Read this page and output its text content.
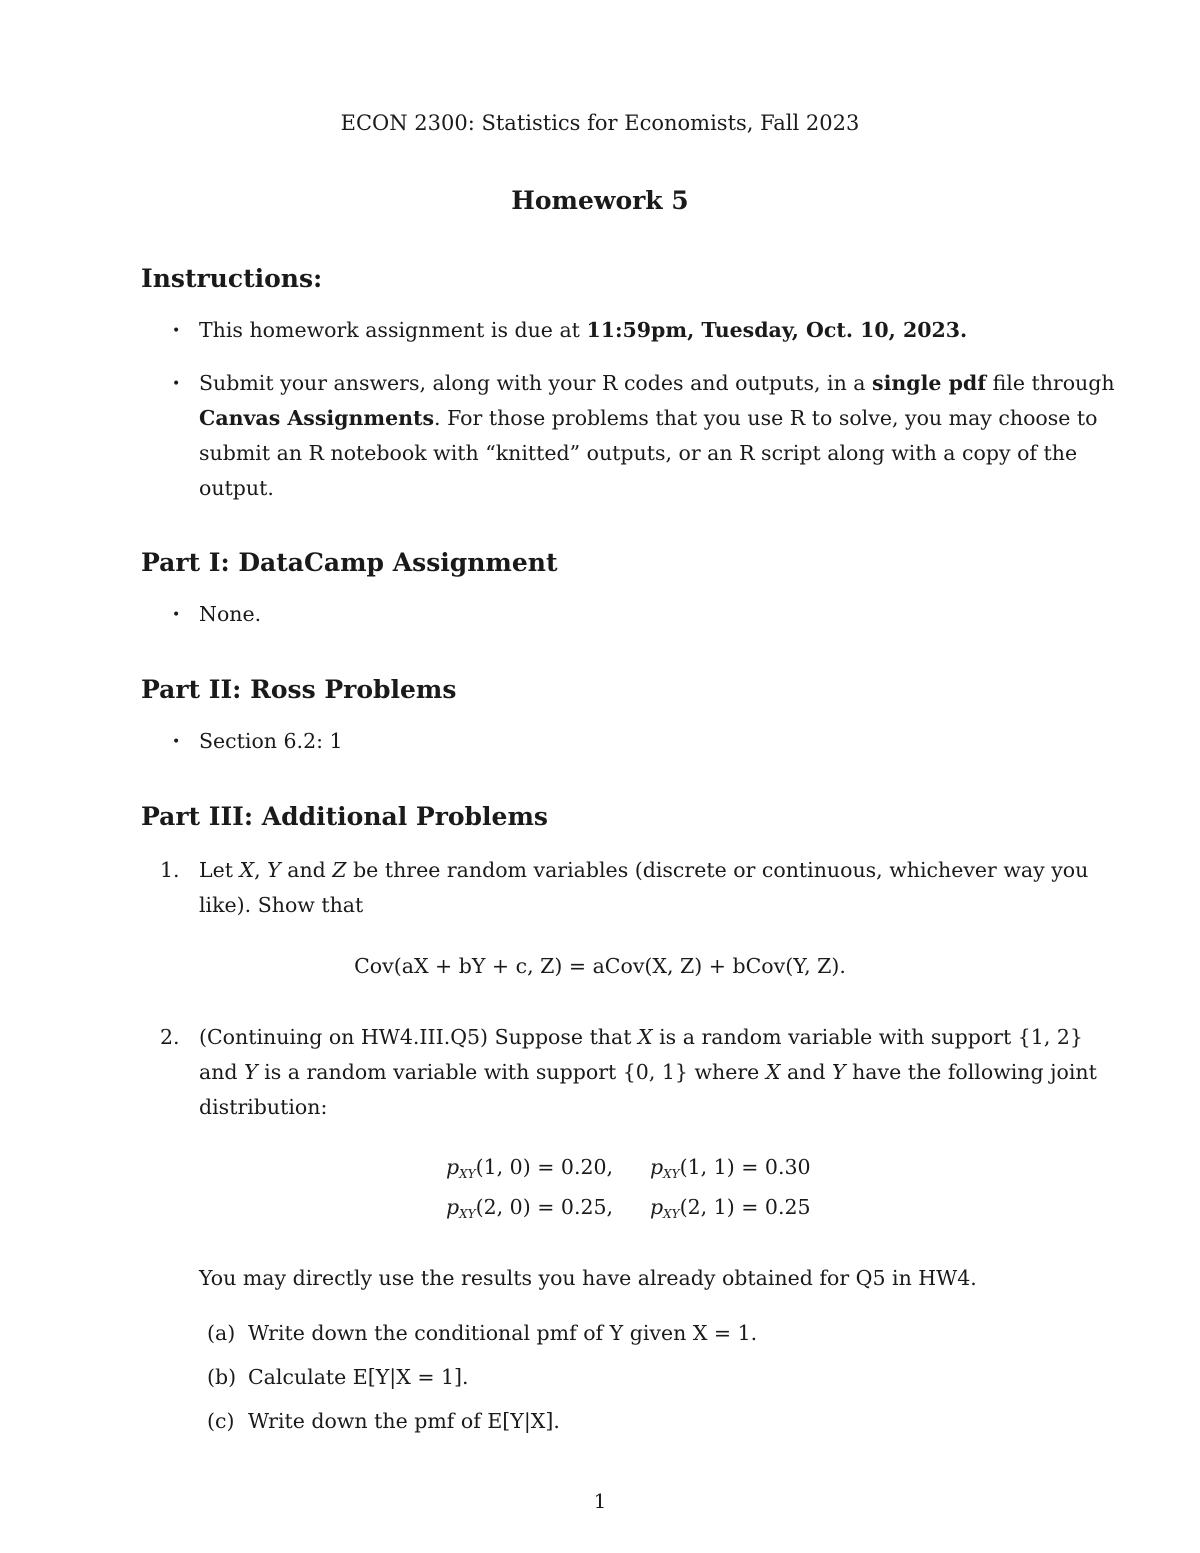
ECON 2300: Statistics for Economists, Fall 2023
Homework 5
Instructions:
• This homework assignment is due at 11:59pm, Tuesday, Oct. 10, 2023.
• Submit your answers, along with your R codes and outputs, in a single pdf file through
Canvas Assignments. For those problems that you use R to solve, you may choose to
submit an R notebook with “knitted” outputs, or an R script along with a copy of the
output.
Part I: DataCamp Assignment
• None.
Part II: Ross Problems
• Section 6.2: 1
Part III: Additional Problems
1. Let X, Y and Z be three random variables (discrete or continuous, whichever way you
like). Show that
Cov(aX + bY + c, Z) = aCov(X, Z) + bCov(Y, Z).
2. (Continuing on HW4.III.Q5) Suppose that X is a random variable with support {1, 2}
and Y is a random variable with support {0, 1} where X and Y have the following joint
distribution:
$p_{XY}(1$, 0) = 0.20, $p_{XY}(1$, 1) = 0.30
$p_{XY}(2$, 0) = 0.25, $p_{XY}(2$, 1) = 0.25
You may directly use the results you have already obtained for Q5 in HW4.
(a) Write down the conditional pmf of Y given X = 1.
(b) Calculate E[Y|X = 1].
(c) Write down the pmf of E[Y|X].
1
